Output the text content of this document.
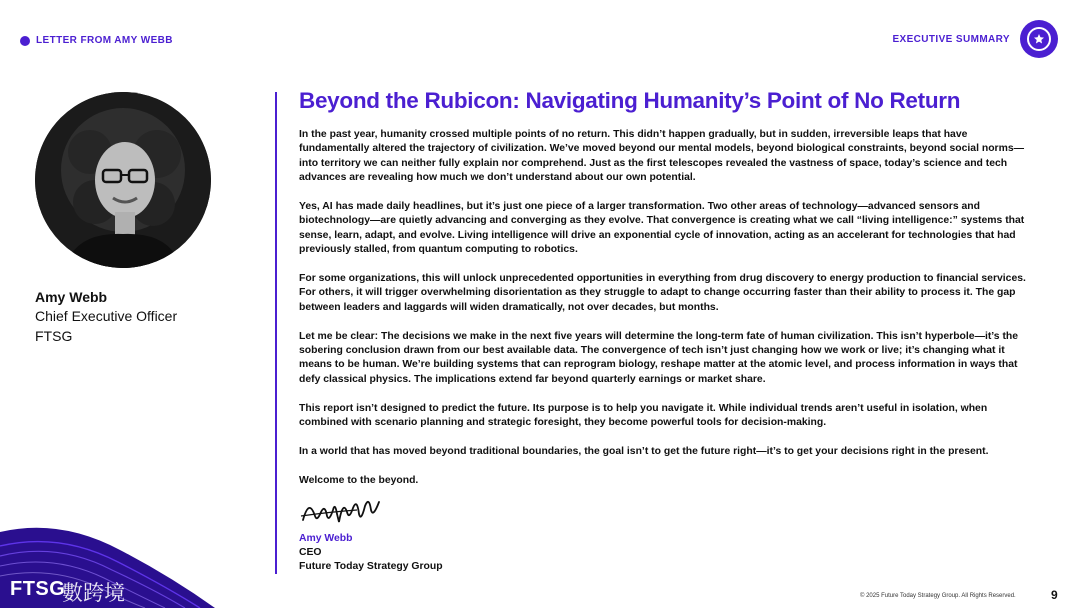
LETTER FROM AMY WEBB	EXECUTIVE SUMMARY
Amy Webb
Chief Executive Officer
FTSG
Beyond the Rubicon: Navigating Humanity’s Point of No Return

In the past year, humanity crossed multiple points of no return. This didn’t happen gradually, but in sudden, irreversible leaps that have fundamentally altered the trajectory of civilization. We’ve moved beyond our mental models, beyond biological constraints, beyond social norms—into territory we can neither fully explain nor comprehend. Just as the first telescopes revealed the vastness of space, today’s science and tech advances are revealing how much we don’t understand about our own potential.

Yes, AI has made daily headlines, but it’s just one piece of a larger transformation. Two other areas of technology—advanced sensors and biotechnology—are quietly advancing and converging as they evolve. That convergence is creating what we call “living intelligence:” systems that sense, learn, adapt, and evolve. Living intelligence will drive an exponential cycle of innovation, acting as an accelerant for technologies that had previously stalled, from quantum computing to robotics.

For some organizations, this will unlock unprecedented opportunities in everything from drug discovery to energy production to financial services. For others, it will trigger overwhelming disorientation as they struggle to adapt to change occurring faster than their ability to process it. The gap between leaders and laggards will widen dramatically, not over decades, but months.

Let me be clear: The decisions we make in the next five years will determine the long-term fate of human civilization. This isn’t hyperbole—it’s the sobering conclusion drawn from our best available data. The convergence of tech isn’t just changing how we work or live; it’s changing what it means to be human. We’re building systems that can reprogram biology, reshape matter at the atomic level, and process information in ways that defy classical physics. The implications extend far beyond quarterly earnings or market share.

This report isn’t designed to predict the future. Its purpose is to help you navigate it. While individual trends aren’t useful in isolation, when combined with scenario planning and strategic foresight, they become powerful tools for decision-making.

In a world that has moved beyond traditional boundaries, the goal isn’t to get the future right—it’s to get your decisions right in the present.

Welcome to the beyond.

Amy Webb
CEO
Future Today Strategy Group
FTSG
數跨境	© 2025 Future Today Strategy Group. All Rights Reserved.	9
